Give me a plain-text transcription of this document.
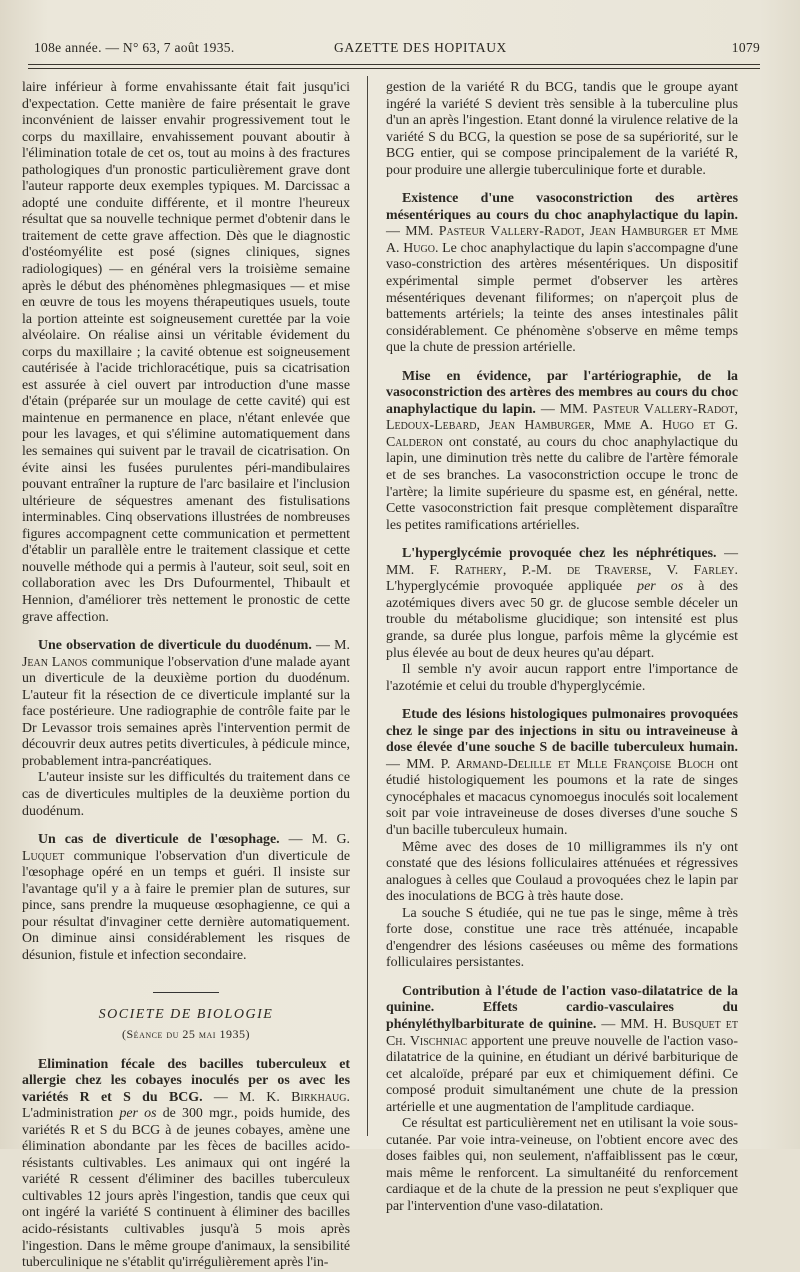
108e année. — N° 63, 7 août 1935.	GAZETTE DES HOPITAUX	1079

laire inférieur à forme envahissante était fait jusqu'ici d'expectation. Cette manière de faire présentait le grave inconvénient de laisser envahir progressivement tout le corps du maxillaire, envahissement pouvant aboutir à l'élimination totale de cet os, tout au moins à des fractures pathologiques d'un pronostic particulièrement grave dont l'auteur rapporte deux exemples typiques. M. Darcissac a adopté une conduite différente, et il montre l'heureux résultat que sa nouvelle technique permet d'obtenir dans le traitement de cette grave affection. Dès que le diagnostic d'ostéomyélite est posé (signes cliniques, signes radiologiques) — en général vers la troisième semaine après le début des phénomènes phlegmasiques — et mise en œuvre de tous les moyens thérapeutiques usuels, toute la portion atteinte est soigneusement curettée par la voie alvéolaire. On réalise ainsi un véritable évidement du corps du maxillaire ; la cavité obtenue est soigneusement cautérisée à l'acide trichloracétique, puis sa cicatrisation est assurée à ciel ouvert par introduction d'une masse d'étain (préparée sur un moulage de cette cavité) qui est maintenue en permanence en place, n'étant enlevée que pour les lavages, et qui s'élimine automatiquement dans les semaines qui suivent par le travail de cicatrisation. On évite ainsi les fusées purulentes péri-mandibulaires pouvant entraîner la rupture de l'arc basilaire et l'inclusion ultérieure de séquestres amenant des fistulisations interminables. Cinq observations illustrées de nombreuses figures accompagnent cette communication et permettent d'établir un parallèle entre le traitement classique et cette nouvelle méthode qui a permis à l'auteur, soit seul, soit en collaboration avec les Drs Dufourmentel, Thibault et Hennion, d'améliorer très nettement le pronostic de cette grave affection.

Une observation de diverticule du duodénum. — M. Jean Lanos communique l'observation d'une malade ayant un diverticule de la deuxième portion du duodénum. L'auteur fit la résection de ce diverticule implanté sur la face postérieure. Une radiographie de contrôle faite par le Dr Levassor trois semaines après l'intervention permit de découvrir deux autres petits diverticules, à pédicule mince, probablement intra-pancréatiques.

L'auteur insiste sur les difficultés du traitement dans ce cas de diverticules multiples de la deuxième portion du duodénum.

Un cas de diverticule de l'œsophage. — M. G. Luquet communique l'observation d'un diverticule de l'œsophage opéré en un temps et guéri. Il insiste sur l'avantage qu'il y a à faire le premier plan de sutures, sur pince, sans prendre la muqueuse œsophagienne, ce qui a pour résultat d'invaginer cette dernière automatiquement. On diminue ainsi considérablement les risques de désunion, fistule et infection secondaire.

SOCIETE DE BIOLOGIE
(Séance du 25 mai 1935)

Elimination fécale des bacilles tuberculeux et allergie chez les cobayes inoculés per os avec les variétés R et S du BCG. — M. K. Birkhaug. L'administration per os de 300 mgr., poids humide, des variétés R et S du BCG à de jeunes cobayes, amène une élimination abondante par les fèces de bacilles acido-résistants cultivables. Les animaux qui ont ingéré la variété R cessent d'éliminer des bacilles tuberculeux cultivables 12 jours après l'ingestion, tandis que ceux qui ont ingéré la variété S continuent à éliminer des bacilles acido-résistants cultivables jusqu'à 5 mois après l'ingestion. Dans le même groupe d'animaux, la sensibilité tuberculinique ne s'établit qu'irrégulièrement après l'in-

gestion de la variété R du BCG, tandis que le groupe ayant ingéré la variété S devient très sensible à la tuberculine plus d'un an après l'ingestion. Etant donné la virulence relative de la variété S du BCG, la question se pose de sa supériorité, sur le BCG entier, qui se compose principalement de la variété R, pour produire une allergie tuberculinique forte et durable.

Existence d'une vasoconstriction des artères mésentériques au cours du choc anaphylactique du lapin. — MM. Pasteur Vallery-Radot, Jean Hamburger et Mme A. Hugo. Le choc anaphylactique du lapin s'accompagne d'une vaso-constriction des artères mésentériques. Un dispositif expérimental simple permet d'observer les artères mésentériques devenant filiformes; on n'aperçoit plus de battements artériels; la teinte des anses intestinales pâlit considérablement. Ce phénomène s'observe en même temps que la chute de pression artérielle.

Mise en évidence, par l'artériographie, de la vasoconstriction des artères des membres au cours du choc anaphylactique du lapin. — MM. Pasteur Vallery-Radot, Ledoux-Lebard, Jean Hamburger, Mme A. Hugo et G. Calderon ont constaté, au cours du choc anaphylactique du lapin, une diminution très nette du calibre de l'artère fémorale et de ses branches. La vasoconstriction occupe le tronc de l'artère; la limite supérieure du spasme est, en général, nette. Cette vasoconstriction fait presque complètement disparaître les petites ramifications artérielles.

L'hyperglycémie provoquée chez les néphrétiques. — MM. F. Rathery, P.-M. de Traverse, V. Farley. L'hyperglycémie provoquée appliquée per os à des azotémiques divers avec 50 gr. de glucose semble déceler un trouble du métabolisme glucidique; son intensité est plus grande, sa durée plus longue, parfois même la glycémie est plus élevée au bout de deux heures qu'au départ.

Il semble n'y avoir aucun rapport entre l'importance de l'azotémie et celui du trouble d'hyperglycémie.

Etude des lésions histologiques pulmonaires provoquées chez le singe par des injections in situ ou intraveineuse à dose élevée d'une souche S de bacille tuberculeux humain. — MM. P. Armand-Delille et Mlle Françoise Bloch ont étudié histologiquement les poumons et la rate de singes cynocéphales et macacus cynomoegus inoculés soit localement soit par voie intraveineuse de doses diverses d'une souche S d'un bacille tuberculeux humain.

Même avec des doses de 10 milligrammes ils n'y ont constaté que des lésions folliculaires atténuées et régressives analogues à celles que Coulaud a provoquées chez le lapin par des inoculations de BCG à très haute dose.

La souche S étudiée, qui ne tue pas le singe, même à très forte dose, constitue une race très atténuée, incapable d'engendrer des lésions caséeuses ou même des formations folliculaires persistantes.

Contribution à l'étude de l'action vaso-dilatatrice de la quinine. Effets cardio-vasculaires du phényléthylbarbiturate de quinine. — MM. H. Busquet et Ch. Vischniac apportent une preuve nouvelle de l'action vaso-dilatatrice de la quinine, en étudiant un dérivé barbiturique de cet alcaloïde, préparé par eux et chimiquement défini. Ce composé produit simultanément une chute de la pression artérielle et une augmentation de l'amplitude cardiaque.

Ce résultat est particulièrement net en utilisant la voie sous-cutanée. Par voie intra-veineuse, on l'obtient encore avec des doses faibles qui, non seulement, n'affaiblissent pas le cœur, mais même le renforcent. La simultanéité du renforcement cardiaque et de la chute de la pression ne peut s'expliquer que par l'intervention d'une vaso-dilatation.
